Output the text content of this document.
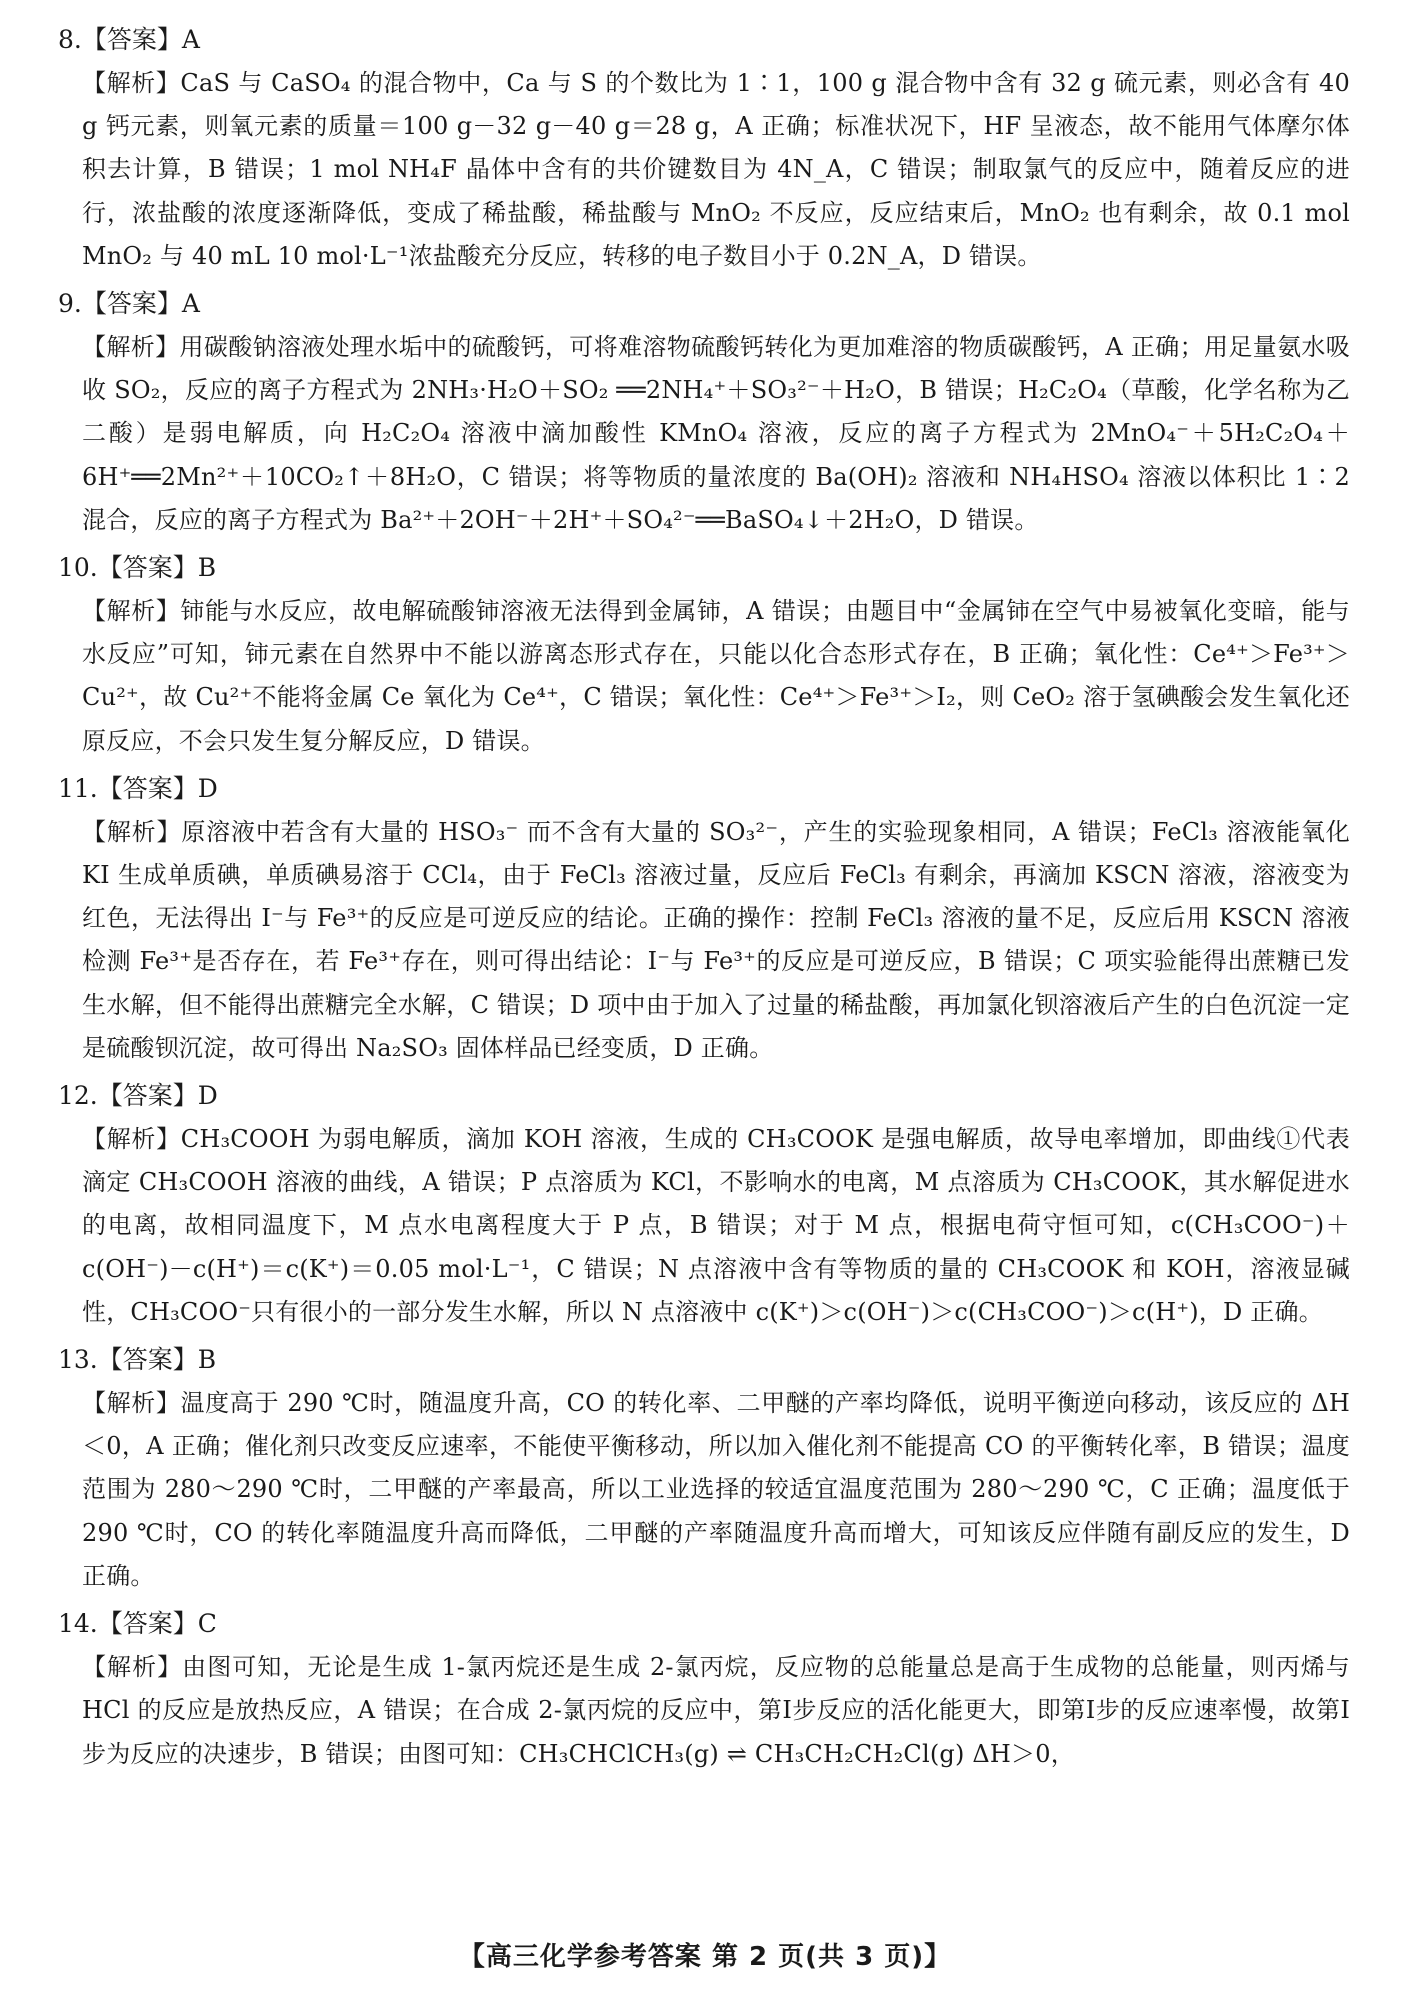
8.【答案】A
【解析】CaS 与 CaSO₄ 的混合物中，Ca 与 S 的个数比为 1∶1，100 g 混合物中含有 32 g 硫元素，则必含有 40 g 钙元素，则氧元素的质量＝100 g－32 g－40 g＝28 g，A 正确；标准状况下，HF 呈液态，故不能用气体摩尔体积去计算，B 错误；1 mol NH₄F 晶体中含有的共价键数目为 4N_A，C 错误；制取氯气的反应中，随着反应的进行，浓盐酸的浓度逐渐降低，变成了稀盐酸，稀盐酸与 MnO₂ 不反应，反应结束后，MnO₂ 也有剩余，故 0.1 mol MnO₂ 与 40 mL 10 mol·L⁻¹浓盐酸充分反应，转移的电子数目小于 0.2N_A，D 错误。
9.【答案】A
【解析】用碳酸钠溶液处理水垢中的硫酸钙，可将难溶物硫酸钙转化为更加难溶的物质碳酸钙，A 正确；用足量氨水吸收 SO₂，反应的离子方程式为 2NH₃·H₂O＋SO₂ ══2NH₄⁺＋SO₃²⁻＋H₂O，B 错误；H₂C₂O₄（草酸，化学名称为乙二酸）是弱电解质，向 H₂C₂O₄ 溶液中滴加酸性 KMnO₄ 溶液，反应的离子方程式为 2MnO₄⁻＋5H₂C₂O₄＋6H⁺══2Mn²⁺＋10CO₂↑＋8H₂O，C 错误；将等物质的量浓度的 Ba(OH)₂ 溶液和 NH₄HSO₄ 溶液以体积比 1∶2 混合，反应的离子方程式为 Ba²⁺＋2OH⁻＋2H⁺＋SO₄²⁻══BaSO₄↓＋2H₂O，D 错误。
10.【答案】B
【解析】铈能与水反应，故电解硫酸铈溶液无法得到金属铈，A 错误；由题目中“金属铈在空气中易被氧化变暗，能与水反应”可知，铈元素在自然界中不能以游离态形式存在，只能以化合态形式存在，B 正确；氧化性：Ce⁴⁺＞Fe³⁺＞Cu²⁺，故 Cu²⁺不能将金属 Ce 氧化为 Ce⁴⁺，C 错误；氧化性：Ce⁴⁺＞Fe³⁺＞I₂，则 CeO₂ 溶于氢碘酸会发生氧化还原反应，不会只发生复分解反应，D 错误。
11.【答案】D
【解析】原溶液中若含有大量的 HSO₃⁻ 而不含有大量的 SO₃²⁻，产生的实验现象相同，A 错误；FeCl₃ 溶液能氧化 KI 生成单质碘，单质碘易溶于 CCl₄，由于 FeCl₃ 溶液过量，反应后 FeCl₃ 有剩余，再滴加 KSCN 溶液，溶液变为红色，无法得出 I⁻与 Fe³⁺的反应是可逆反应的结论。正确的操作：控制 FeCl₃ 溶液的量不足，反应后用 KSCN 溶液检测 Fe³⁺是否存在，若 Fe³⁺存在，则可得出结论：I⁻与 Fe³⁺的反应是可逆反应，B 错误；C 项实验能得出蔗糖已发生水解，但不能得出蔗糖完全水解，C 错误；D 项中由于加入了过量的稀盐酸，再加氯化钡溶液后产生的白色沉淀一定是硫酸钡沉淀，故可得出 Na₂SO₃ 固体样品已经变质，D 正确。
12.【答案】D
【解析】CH₃COOH 为弱电解质，滴加 KOH 溶液，生成的 CH₃COOK 是强电解质，故导电率增加，即曲线①代表滴定 CH₃COOH 溶液的曲线，A 错误；P 点溶质为 KCl，不影响水的电离，M 点溶质为 CH₃COOK，其水解促进水的电离，故相同温度下，M 点水电离程度大于 P 点，B 错误；对于 M 点，根据电荷守恒可知，c(CH₃COO⁻)＋c(OH⁻)－c(H⁺)＝c(K⁺)＝0.05 mol·L⁻¹，C 错误；N 点溶液中含有等物质的量的 CH₃COOK 和 KOH，溶液显碱性，CH₃COO⁻只有很小的一部分发生水解，所以 N 点溶液中 c(K⁺)＞c(OH⁻)＞c(CH₃COO⁻)＞c(H⁺)，D 正确。
13.【答案】B
【解析】温度高于 290 ℃时，随温度升高，CO 的转化率、二甲醚的产率均降低，说明平衡逆向移动，该反应的 ΔH＜0，A 正确；催化剂只改变反应速率，不能使平衡移动，所以加入催化剂不能提高 CO 的平衡转化率，B 错误；温度范围为 280～290 ℃时，二甲醚的产率最高，所以工业选择的较适宜温度范围为 280～290 ℃，C 正确；温度低于 290 ℃时，CO 的转化率随温度升高而降低，二甲醚的产率随温度升高而增大，可知该反应伴随有副反应的发生，D 正确。
14.【答案】C
【解析】由图可知，无论是生成 1-氯丙烷还是生成 2-氯丙烷，反应物的总能量总是高于生成物的总能量，则丙烯与 HCl 的反应是放热反应，A 错误；在合成 2-氯丙烷的反应中，第Ⅰ步反应的活化能更大，即第Ⅰ步的反应速率慢，故第Ⅰ步为反应的决速步，B 错误；由图可知：CH₃CHClCH₃(g) ⇌ CH₃CH₂CH₂Cl(g) ΔH＞0，
【高三化学参考答案 第 2 页(共 3 页)】
